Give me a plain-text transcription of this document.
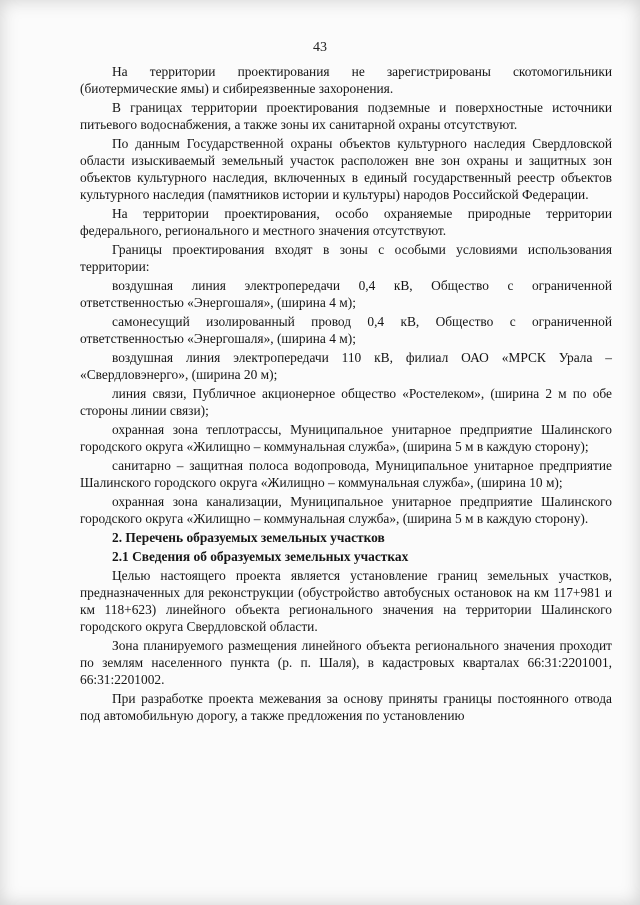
43

На территории проектирования не зарегистрированы скотомогильники (биотермические ямы) и сибиреязвенные захоронения.

В границах территории проектирования подземные и поверхностные источники питьевого водоснабжения, а также зоны их санитарной охраны отсутствуют.

По данным Государственной охраны объектов культурного наследия Свердловской области изыскиваемый земельный участок расположен вне зон охраны и защитных зон объектов культурного наследия, включенных в единый государственный реестр объектов культурного наследия (памятников истории и культуры) народов Российской Федерации.

На территории проектирования, особо охраняемые природные территории федерального, регионального и местного значения отсутствуют.

Границы проектирования входят в зоны с особыми условиями использования территории:

воздушная линия электропередачи 0,4 кВ, Общество с ограниченной ответственностью «Энергошаля», (ширина 4 м);

самонесущий изолированный провод 0,4 кВ, Общество с ограниченной ответственностью «Энергошаля», (ширина 4 м);

воздушная линия электропередачи 110 кВ, филиал ОАО «МРСК Урала – «Свердловэнерго», (ширина 20 м);

линия связи, Публичное акционерное общество «Ростелеком», (ширина 2 м по обе стороны линии связи);

охранная зона теплотрассы, Муниципальное унитарное предприятие Шалинского городского округа «Жилищно – коммунальная служба», (ширина 5 м в каждую сторону);

санитарно – защитная полоса водопровода, Муниципальное унитарное предприятие Шалинского городского округа «Жилищно – коммунальная служба», (ширина 10 м);

охранная зона канализации, Муниципальное унитарное предприятие Шалинского городского округа «Жилищно – коммунальная служба», (ширина 5 м в каждую сторону).

2. Перечень образуемых земельных участков

2.1 Сведения об образуемых земельных участках

Целью настоящего проекта является установление границ земельных участков, предназначенных для реконструкции (обустройство автобусных остановок на км 117+981 и км 118+623) линейного объекта регионального значения на территории Шалинского городского округа Свердловской области.

Зона планируемого размещения линейного объекта регионального значения проходит по землям населенного пункта (р. п. Шаля), в кадастровых кварталах 66:31:2201001, 66:31:2201002.

При разработке проекта межевания за основу приняты границы постоянного отвода под автомобильную дорогу, а также предложения по установлению
